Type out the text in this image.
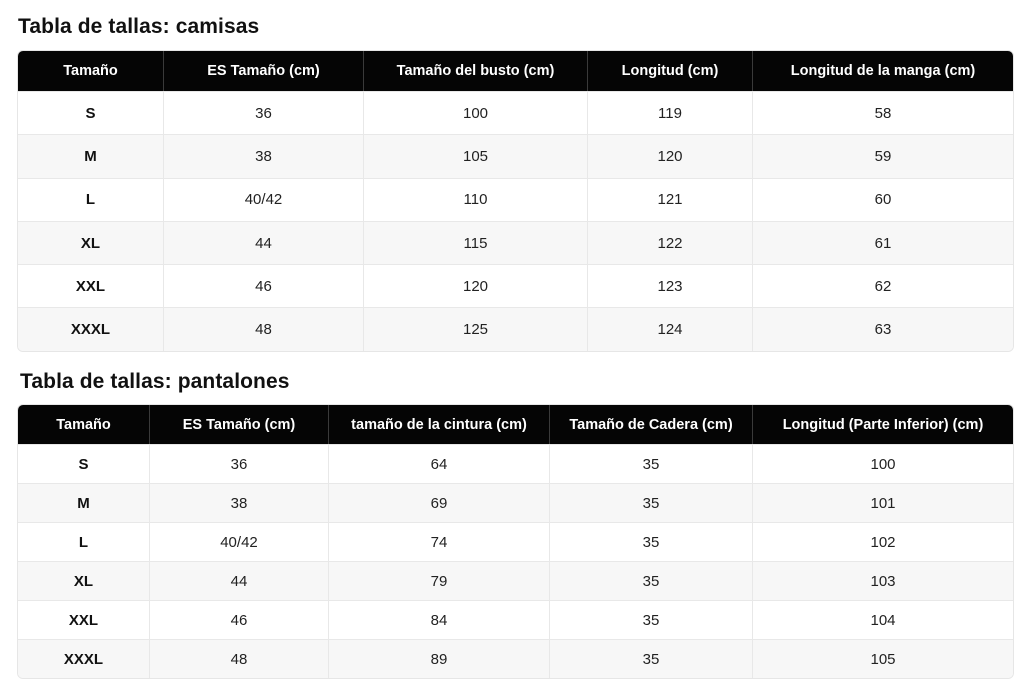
Tabla de tallas: camisas
Tamaño	ES Tamaño (cm)	Tamaño del busto (cm)	Longitud (cm)	Longitud de la manga (cm)
S	36	100	119	58
M	38	105	120	59
L	40/42	110	121	60
XL	44	115	122	61
XXL	46	120	123	62
XXXL	48	125	124	63
Tabla de tallas: pantalones
Tamaño	ES Tamaño (cm)	tamaño de la cintura (cm)	Tamaño de Cadera (cm)	Longitud (Parte Inferior) (cm)
S	36	64	35	100
M	38	69	35	101
L	40/42	74	35	102
XL	44	79	35	103
XXL	46	84	35	104
XXXL	48	89	35	105
